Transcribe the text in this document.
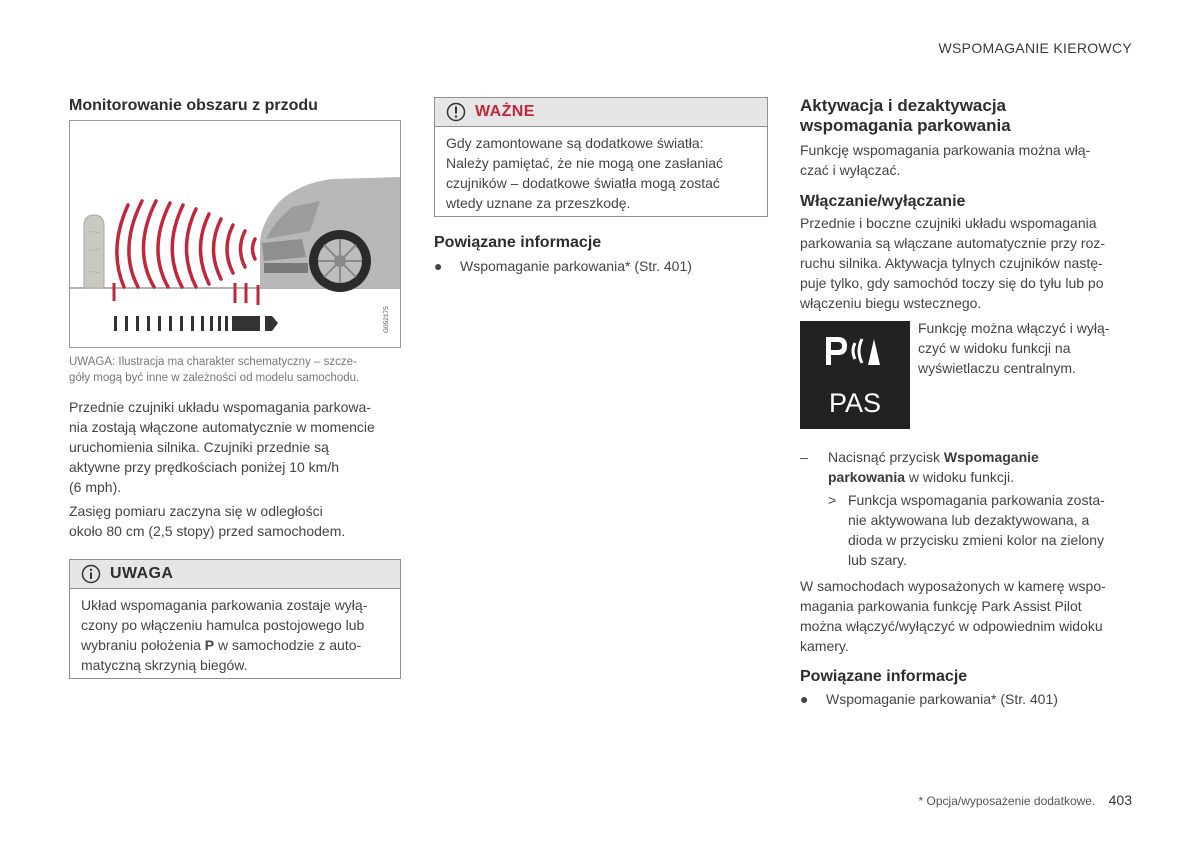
WSPOMAGANIE KIEROWCY
Monitorowanie obszaru z przodu
G052175
UWAGA: Ilustracja ma charakter schematyczny – szcze-
góły mogą być inne w zależności od modelu samochodu.
Przednie czujniki układu wspomagania parkowa-
nia zostają włączone automatycznie w momencie
uruchomienia silnika. Czujniki przednie są
aktywne przy prędkościach poniżej 10 km/h
(6 mph).
Zasięg pomiaru zaczyna się w odległości
około 80 cm (2,5 stopy) przed samochodem.
UWAGA
Układ wspomagania parkowania zostaje wyłą-
czony po włączeniu hamulca postojowego lub
wybraniu położenia P w samochodzie z auto-
matyczną skrzynią biegów.
WAŻNE
Gdy zamontowane są dodatkowe światła:
Należy pamiętać, że nie mogą one zasłaniać
czujników – dodatkowe światła mogą zostać
wtedy uznane za przeszkodę.
Powiązane informacje
● Wspomaganie parkowania* (Str. 401)
Aktywacja i dezaktywacja
wspomagania parkowania
Funkcję wspomagania parkowania można włą-
czać i wyłączać.
Włączanie/wyłączanie
Przednie i boczne czujniki układu wspomagania
parkowania są włączane automatycznie przy roz-
ruchu silnika. Aktywacja tylnych czujników nastę-
puje tylko, gdy samochód toczy się do tyłu lub po
włączeniu biegu wstecznego.
PAS
Funkcję można włączyć i wyłą-
czyć w widoku funkcji na
wyświetlaczu centralnym.
– Nacisnąć przycisk Wspomaganie
parkowania w widoku funkcji.
> Funkcja wspomagania parkowania zosta-
nie aktywowana lub dezaktywowana, a
dioda w przycisku zmieni kolor na zielony
lub szary.
W samochodach wyposażonych w kamerę wspo-
magania parkowania funkcję Park Assist Pilot
można włączyć/wyłączyć w odpowiednim widoku
kamery.
Powiązane informacje
● Wspomaganie parkowania* (Str. 401)
* Opcja/wyposażenie dodatkowe. 403
